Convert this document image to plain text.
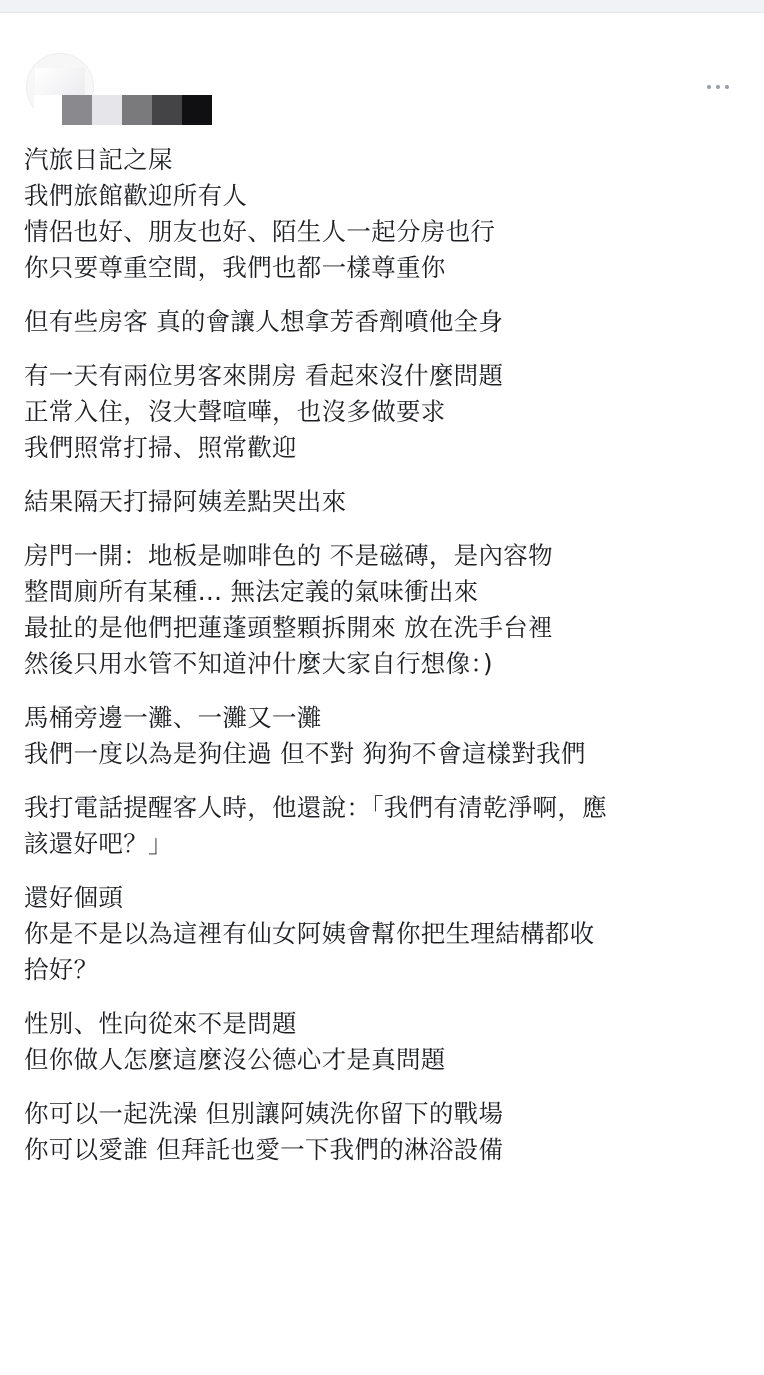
汽旅日記之屎
我們旅館歡迎所有人
情侶也好、朋友也好、陌生人一起分房也行
你只要尊重空間，我們也都一樣尊重你
但有些房客 真的會讓人想拿芳香劑噴他全身
有一天有兩位男客來開房 看起來沒什麼問題
正常入住，沒大聲喧嘩，也沒多做要求
我們照常打掃、照常歡迎
結果隔天打掃阿姨差點哭出來
房門一開：地板是咖啡色的 不是磁磚，是內容物
整間廁所有某種… 無法定義的氣味衝出來
最扯的是他們把蓮蓬頭整顆拆開來 放在洗手台裡
然後只用水管不知道沖什麼大家自行想像：)
馬桶旁邊一灘、一灘又一灘
我們一度以為是狗住過 但不對 狗狗不會這樣對我們
我打電話提醒客人時，他還說：「我們有清乾淨啊，應
該還好吧？」
還好個頭
你是不是以為這裡有仙女阿姨會幫你把生理結構都收
拾好？
性別、性向從來不是問題
但你做人怎麼這麼沒公德心才是真問題
你可以一起洗澡 但別讓阿姨洗你留下的戰場
你可以愛誰 但拜託也愛一下我們的淋浴設備
